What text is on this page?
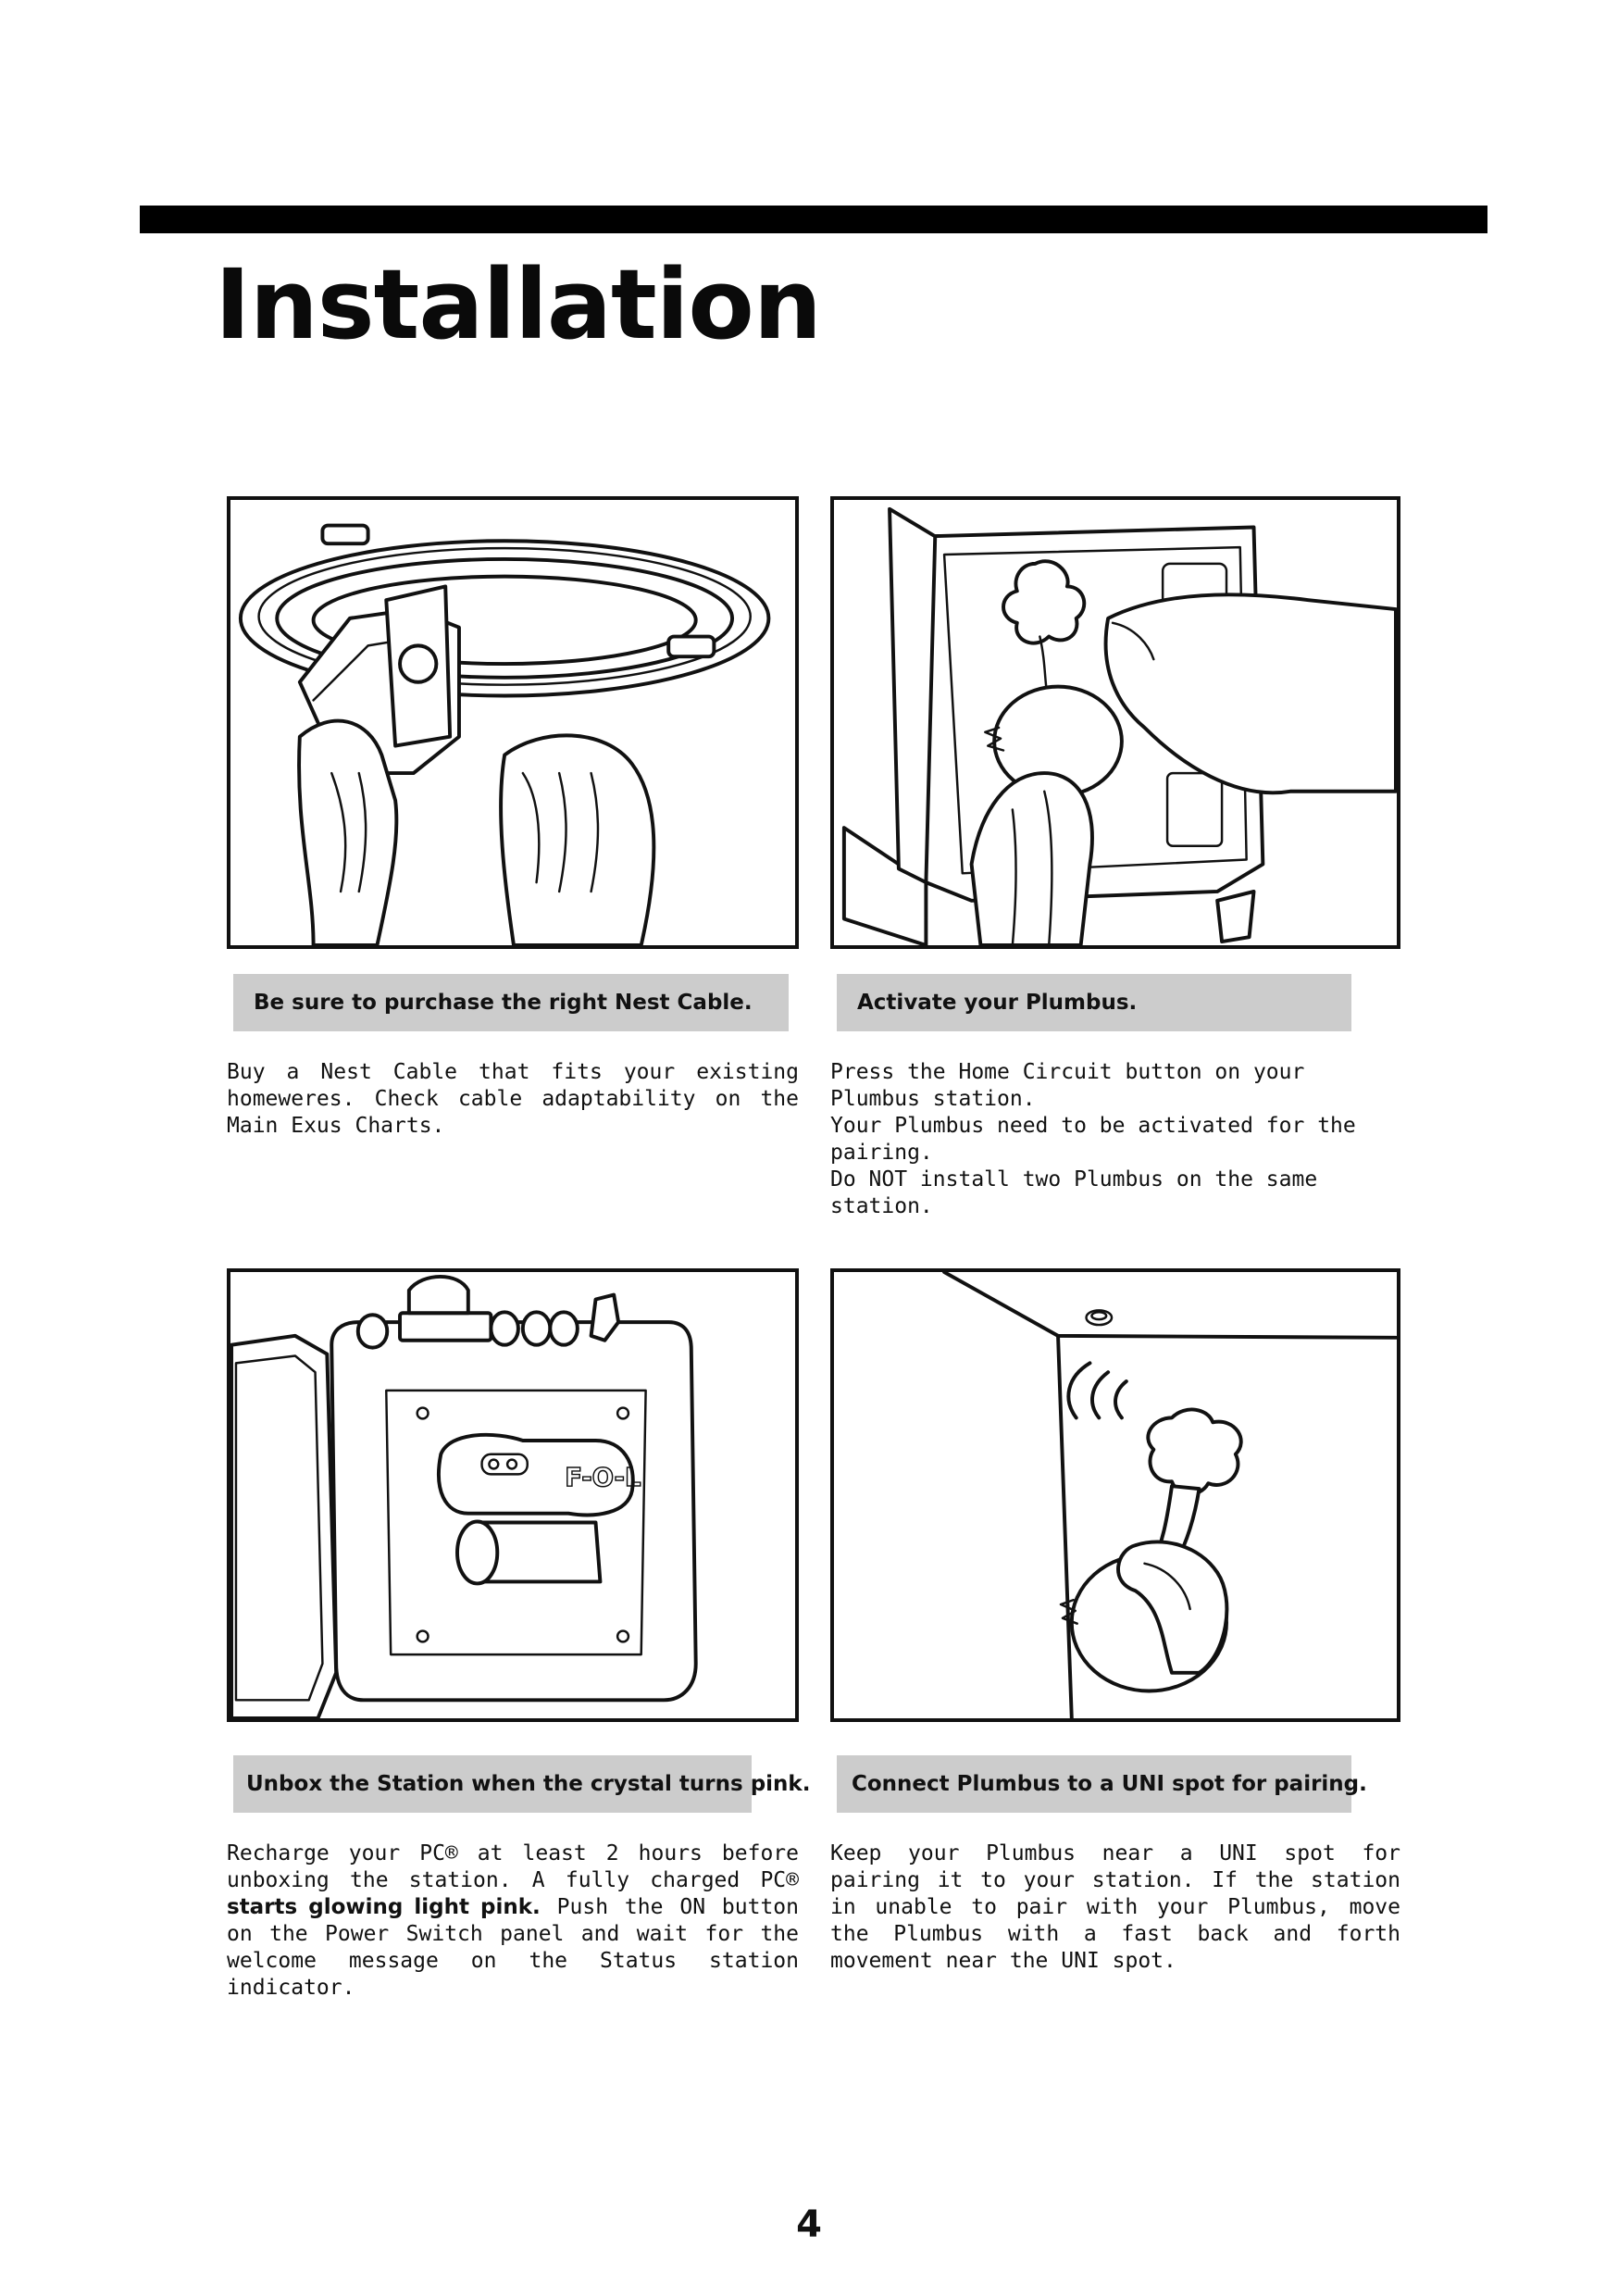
Installation
Be sure to purchase the right Nest Cable.

Buy a Nest Cable that fits your existing homeweres. Check cable adaptability on the Main Exus Charts.

Activate your Plumbus.

Press the Home Circuit button on your Plumbus station.

Your Plumbus need to be activated for the pairing.

Do NOT install two Plumbus on the same station.

F-O-L
Unbox the Station when the crystal turns pink.

Recharge your PC® at least 2 hours before unboxing the station. A fully charged PC® starts glowing light pink. Push the ON button on the Power Switch panel and wait for the welcome message on the Status station indicator.

Connect Plumbus to a UNI spot for pairing.

Keep your Plumbus near a UNI spot for pairing it to your station. If the station in unable to pair with your Plumbus, move the Plumbus with a fast back and forth movement near the UNI spot.

4
